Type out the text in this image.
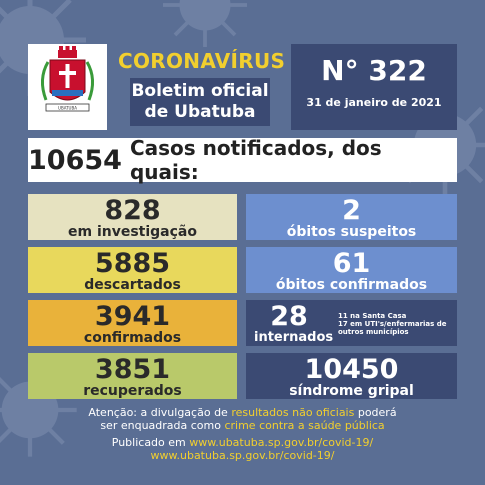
UBATUBA
CORONAVÍRUS
Boletim oficial
de Ubatuba
N° 322
31 de janeiro de 2021
10654 Casos notificados, dos quais:
828
em investigação
5885
descartados
3941
confirmados
3851
recuperados
2
óbitos suspeitos
61
óbitos confirmados
28
internados
11 na Santa Casa
17 em UTI's/enfermarias de
outros municípios
10450
síndrome gripal
Atenção: a divulgação de resultados não oficiais poderá
ser enquadrada como crime contra a saúde pública
Publicado em www.ubatuba.sp.gov.br/covid-19/
www.ubatuba.sp.gov.br/covid-19/
